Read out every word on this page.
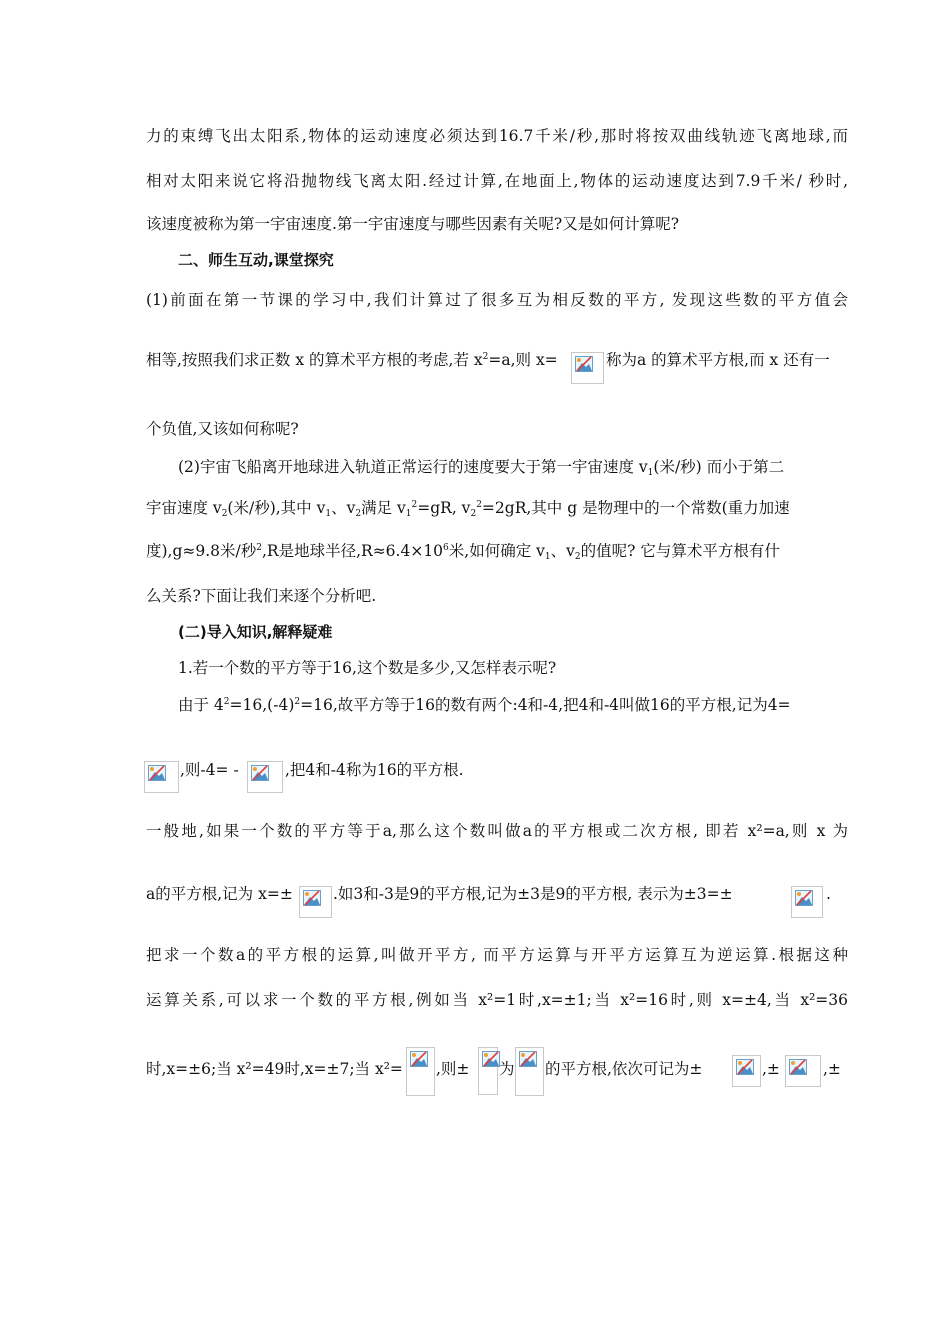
力的束缚飞出太阳系,物体的运动速度必须达到16.7千米/秒,那时将按双曲线轨迹飞离地球,而
相对太阳来说它将沿抛物线飞离太阳.经过计算,在地面上,物体的运动速度达到7.9千米/ 秒时,
该速度被称为第一宇宙速度.第一宇宙速度与哪些因素有关呢?又是如何计算呢?
二、师生互动,课堂探究
(1)前面在第一节课的学习中,我们计算过了很多互为相反数的平方, 发现这些数的平方值会
相等,按照我们求正数 x 的算术平方根的考虑,若 $x^2=a$,则 x=	称为a 的算术平方根,而 x 还有一
个负值,又该如何称呢?
(2)宇宙飞船离开地球进入轨道正常运行的速度要大于第一宇宙速度 $v_1$(米/秒) 而小于第二
宇宙速度 $v_2$(米/秒),其中 $v_1$、$v_2$满足 $v_1^2=gR$, $v_2^2=2gR$,其中 g 是物理中的一个常数(重力加速
度),g≈9.8米/秒$^2$,R是地球半径$,R\approx 6.4\times 10^6$米,如何确定 $v_1$、$v_2$的值呢? 它与算术平方根有什
么关系?下面让我们来逐个分析吧.
(二)导入知识,解释疑难
1.若一个数的平方等于16,这个数是多少,又怎样表示呢?
由于 $4^2=16,(-4)^2=16$,故平方等于16的数有两个:4和-4,把4和-4叫做16的平方根,记为4=
,则-4= -	,把4和-4称为16的平方根.
一般地,如果一个数的平方等于a,那么这个数叫做a的平方根或二次方根, 即若 x²=a,则 x 为
a的平方根,记为 x=±	.如3和-3是9的平方根,记为±3是9的平方根, 表示为±3=±	.
把求一个数a的平方根的运算,叫做开平方, 而平方运算与开平方运算互为逆运算.根据这种
运算关系,可以求一个数的平方根,例如当 x²=1时,x=±1;当 x²=16时,则 x=±4,当 x²=36
时,x=±6;当 x²=49时,x=±7;当 x²=	,则±	为	的平方根,依次可记为±	,±	,±
